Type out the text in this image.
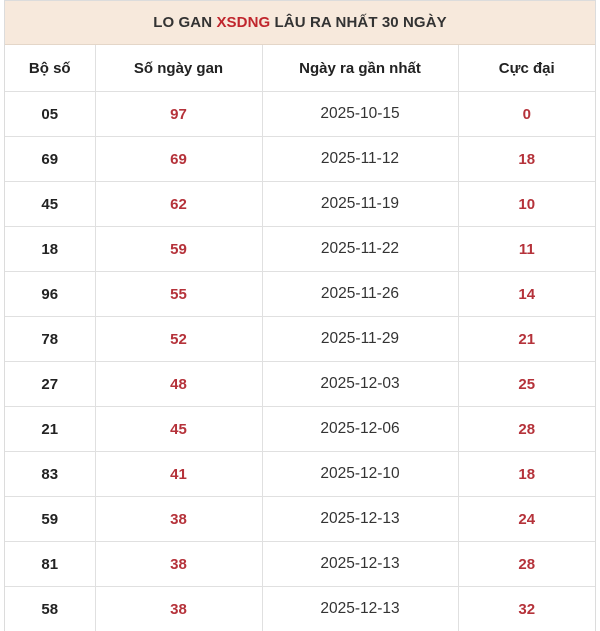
LO GAN XSDNG LÂU RA NHẤT 30 NGÀY
Bộ số	Số ngày gan	Ngày ra gần nhất	Cực đại
05	97	2025-10-15	0
69	69	2025-11-12	18
45	62	2025-11-19	10
18	59	2025-11-22	11
96	55	2025-11-26	14
78	52	2025-11-29	21
27	48	2025-12-03	25
21	45	2025-12-06	28
83	41	2025-12-10	18
59	38	2025-12-13	24
81	38	2025-12-13	28
58	38	2025-12-13	32
